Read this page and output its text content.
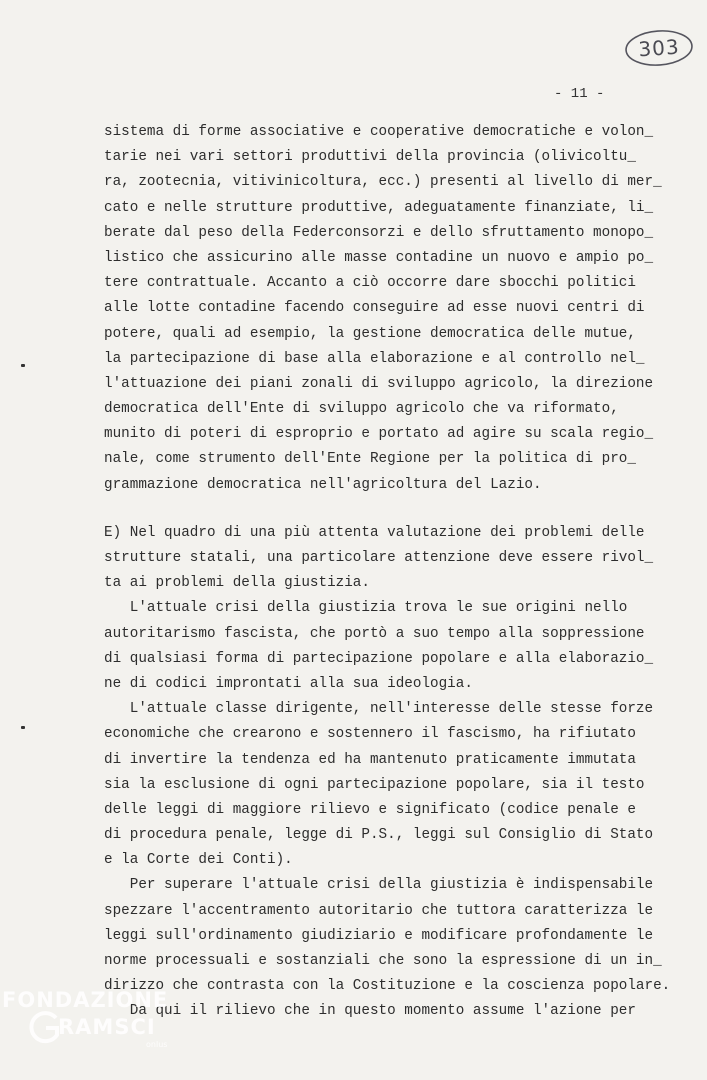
303
- 11 -
sistema di forme associative e cooperative democratiche e volon_
tarie nei vari settori produttivi della provincia (olivicoltu_
ra, zootecnia, vitivinicoltura, ecc.) presenti al livello di mer_
cato e nelle strutture produttive, adeguatamente finanziate, li_
berate dal peso della Federconsorzi e dello sfruttamento monopo_
listico che assicurino alle masse contadine un nuovo e ampio po_
tere contrattuale. Accanto a ciò occorre dare sbocchi politici
alle lotte contadine facendo conseguire ad esse nuovi centri di
potere, quali ad esempio, la gestione democratica delle mutue,
la partecipazione di base alla elaborazione e al controllo nel_
l'attuazione dei piani zonali di sviluppo agricolo, la direzione
democratica dell'Ente di sviluppo agricolo che va riformato,
munito di poteri di esproprio e portato ad agire su scala regio_
nale, come strumento dell'Ente Regione per la politica di pro_
grammazione democratica nell'agricoltura del Lazio.
E) Nel quadro di una più attenta valutazione dei problemi delle
strutture statali, una particolare attenzione deve essere rivol_
ta ai problemi della giustizia.
L'attuale crisi della giustizia trova le sue origini nello
autoritarismo fascista, che portò a suo tempo alla soppressione
di qualsiasi forma di partecipazione popolare e alla elaborazio_
ne di codici improntati alla sua ideologia.
L'attuale classe dirigente, nell'interesse delle stesse forze
economiche che crearono e sostennero il fascismo, ha rifiutato
di invertire la tendenza ed ha mantenuto praticamente immutata
sia la esclusione di ogni partecipazione popolare, sia il testo
delle leggi di maggiore rilievo e significato (codice penale e
di procedura penale, legge di P.S., leggi sul Consiglio di Stato
e la Corte dei Conti).
Per superare l'attuale crisi della giustizia è indispensabile
spezzare l'accentramento autoritario che tuttora caratterizza le
leggi sull'ordinamento giudiziario e modificare profondamente le
norme processuali e sostanziali che sono la espressione di un in_
dirizzo che contrasta con la Costituzione e la coscienza popolare.
Da qui il rilievo che in questo momento assume l'azione per
FONDAZIONE
RAMSCI
onlus
